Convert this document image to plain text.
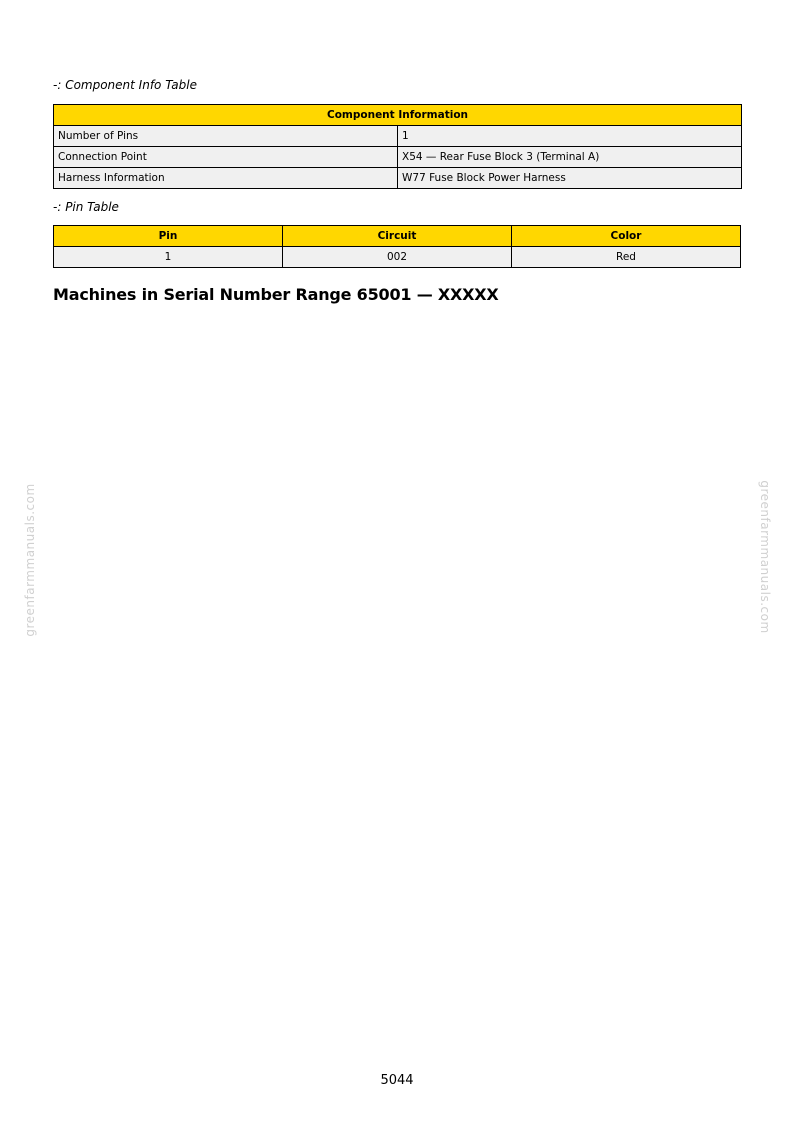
-: Component Info Table
Component Information	
Number of Pins	1
Connection Point	X54 — Rear Fuse Block 3 (Terminal A)
Harness Information	W77 Fuse Block Power Harness
-: Pin Table
Pin	Circuit	Color
1	002	Red
Machines in Serial Number Range 65001 — XXXXX
greenfarmmanuals.com	greenfarmmanuals.com
5044
